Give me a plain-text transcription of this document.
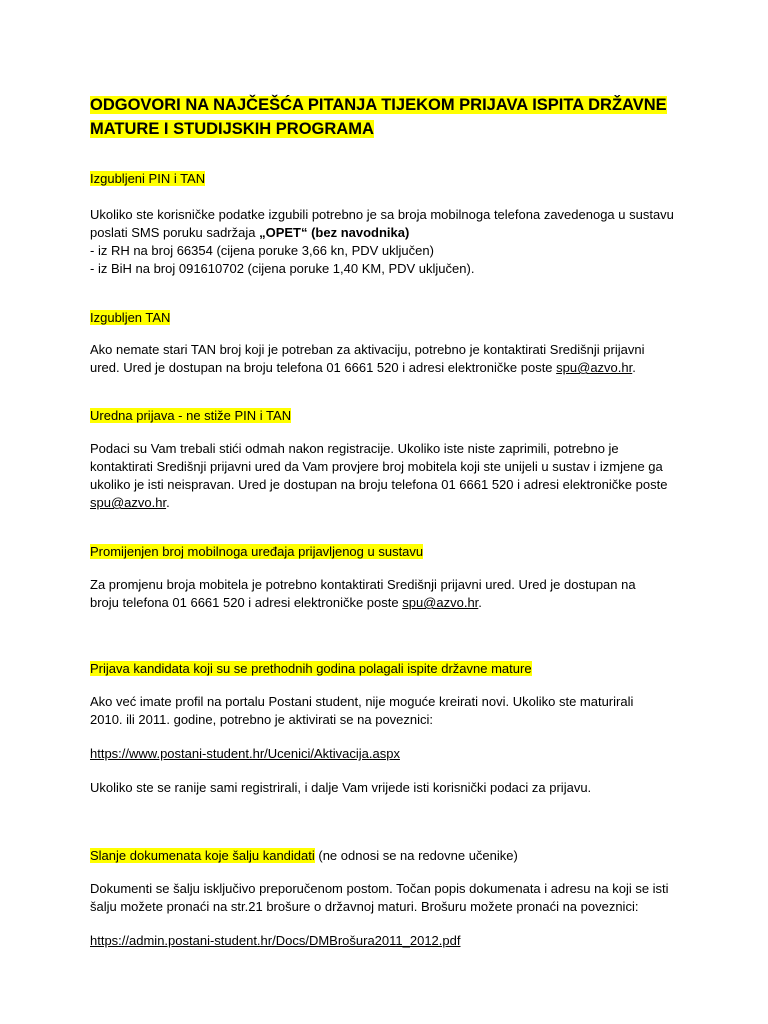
ODGOVORI NA NAJČEŠĆA PITANJA TIJEKOM PRIJAVA ISPITA DRŽAVNE
MATURE I STUDIJSKIH PROGRAMA
Izgubljeni PIN i TAN
Ukoliko ste korisničke podatke izgubili potrebno je sa broja mobilnoga telefona zavedenoga u sustavu
poslati SMS poruku sadržaja „OPET“ (bez navodnika)
- iz RH na broj 66354 (cijena poruke 3,66 kn, PDV uključen)
- iz BiH na broj 091610702 (cijena poruke 1,40 KM, PDV uključen).
Izgubljen TAN
Ako nemate stari TAN broj koji je potreban za aktivaciju, potrebno je kontaktirati Središnji prijavni
ured. Ured je dostupan na broju telefona 01 6661 520 i adresi elektroničke poste spu@azvo.hr.
Uredna prijava - ne stiže PIN i TAN
Podaci su Vam trebali stići odmah nakon registracije. Ukoliko iste niste zaprimili, potrebno je
kontaktirati Središnji prijavni ured da Vam provjere broj mobitela koji ste unijeli u sustav i izmjene ga
ukoliko je isti neispravan. Ured je dostupan na broju telefona 01 6661 520 i adresi elektroničke poste
spu@azvo.hr.
Promijenjen broj mobilnoga uređaja prijavljenog u sustavu
Za promjenu broja mobitela je potrebno kontaktirati Središnji prijavni ured. Ured je dostupan na
broju telefona 01 6661 520 i adresi elektroničke poste spu@azvo.hr.
Prijava kandidata koji su se prethodnih godina polagali ispite državne mature
Ako već imate profil na portalu Postani student, nije moguće kreirati novi. Ukoliko ste maturirali
2010. ili 2011. godine, potrebno je aktivirati se na poveznici:
https://www.postani-student.hr/Ucenici/Aktivacija.aspx
Ukoliko ste se ranije sami registrirali, i dalje Vam vrijede isti korisnički podaci za prijavu.
Slanje dokumenata koje šalju kandidati (ne odnosi se na redovne učenike)
Dokumenti se šalju isključivo preporučenom postom. Točan popis dokumenata i adresu na koji se isti
šalju možete pronaći na str.21 brošure o državnoj maturi. Brošuru možete pronaći na poveznici:
https://admin.postani-student.hr/Docs/DMBrošura2011_2012.pdf
